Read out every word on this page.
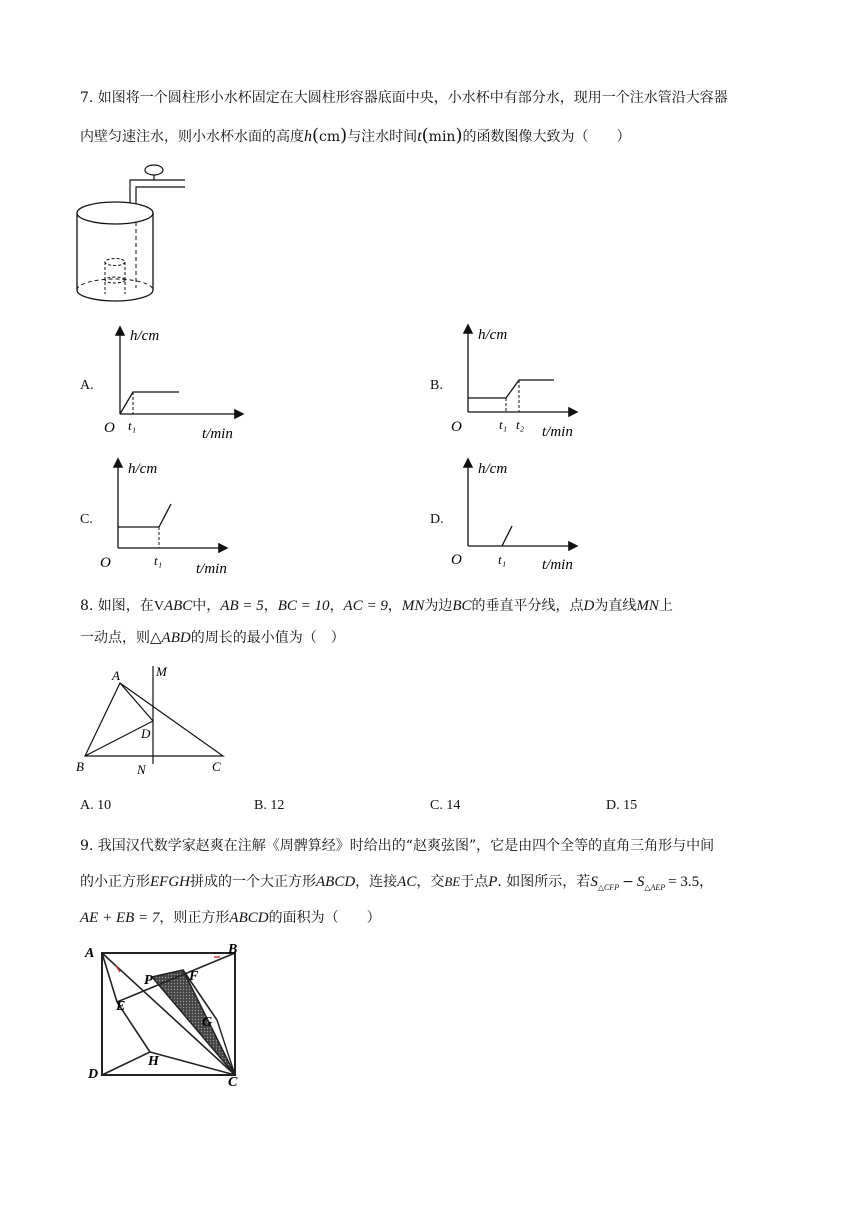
7. 如图将一个圆柱形小水杯固定在大圆柱形容器底面中央，小水杯中有部分水，现用一个注水管沿大容器
内壁匀速注水，则小水杯水面的高度h(cm)与注水时间t(min)的函数图像大致为（　　）
A.
h/cm
O t₁
t/min
B.
h/cm
O	t₁ t₂ t/min
C.
h/cm
O	t₁
t/min
D.
h/cm
O	t₁ t/min
8. 如图，在VABC中，AB = 5，BC = 10，AC = 9，MN为边BC的垂直平分线，点D为直线MN上
一动点，则△ABD的周长的最小值为（　）
A	M
D
B	N	C
A. 10	B. 12	C. 14	D. 15
9. 我国汉代数学家赵爽在注解《周髀算经》时给出的“赵爽弦图”，它是由四个全等的直角三角形与中间
的小正方形EFGH拼成的一个大正方形ABCD，连接AC，交BE于点P. 如图所示，若$S_{\triangle CFP} - S_{\triangle AEP} = 3.5$，
AE + EB = 7，则正方形ABCD的面积为（　　）
A	B
D
C
E
P	F
G
H
